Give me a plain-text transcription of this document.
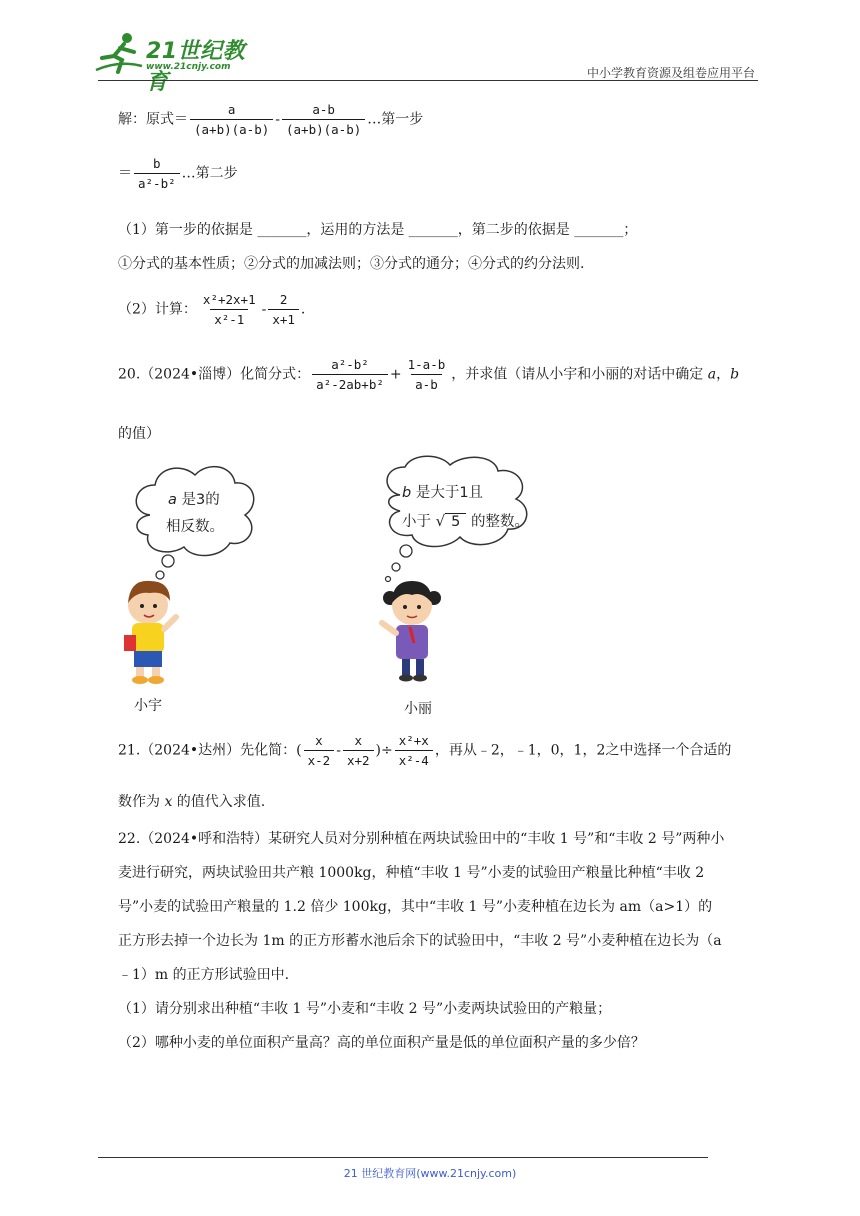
21世纪教育
www.21cnjy.com	中小学教育资源及组卷应用平台
解：原式＝ $\frac{a}{(a+b)(a-b)} - \frac{a-b}{(a+b)(a-b)}$ …第一步
＝ $\frac{b}{\text{a²-b²}}$ …第二步
（1）第一步的依据是 _______，运用的方法是 _______，第二步的依据是 _______；
①分式的基本性质；②分式的加减法则；③分式的通分；④分式的约分法则.
（2）计算： $\frac{\text{x²+2x+1}}{\text{x²-1}} - \frac{2}{x+1}$ .
20.（2024•淄博）化简分式： $\frac{\text{a²-b²}}{\text{a²-2ab+b²}} + \frac{1-a-b}{a-b}$ ，并求值（请从小宇和小丽的对话中确定 a，b
的值）
a 是3的
相反数。
b 是大于1且
小于 √ 5 的整数。
小宇	小丽
21.（2024•达州）先化简：( $\frac{x}{x-2} - \frac{x}{x+2}$ )÷ $\frac{\text{x²+x}}{\text{x²-4}}$ ，再从﹣2，﹣1，0，1，2之中选择一个合适的
数作为 x 的值代入求值.
22.（2024•呼和浩特）某研究人员对分别种植在两块试验田中的“丰收 1 号”和“丰收 2 号”两种小
麦进行研究，两块试验田共产粮 1000kg，种植“丰收 1 号”小麦的试验田产粮量比种植“丰收 2
号”小麦的试验田产粮量的 1.2 倍少 100kg，其中“丰收 1 号”小麦种植在边长为 am（a>1）的
正方形去掉一个边长为 1m 的正方形蓄水池后余下的试验田中，“丰收 2 号”小麦种植在边长为（a
﹣1）m 的正方形试验田中.
（1）请分别求出种植“丰收 1 号”小麦和“丰收 2 号”小麦两块试验田的产粮量；
（2）哪种小麦的单位面积产量高？高的单位面积产量是低的单位面积产量的多少倍？
21 世纪教育网(www.21cnjy.com)
